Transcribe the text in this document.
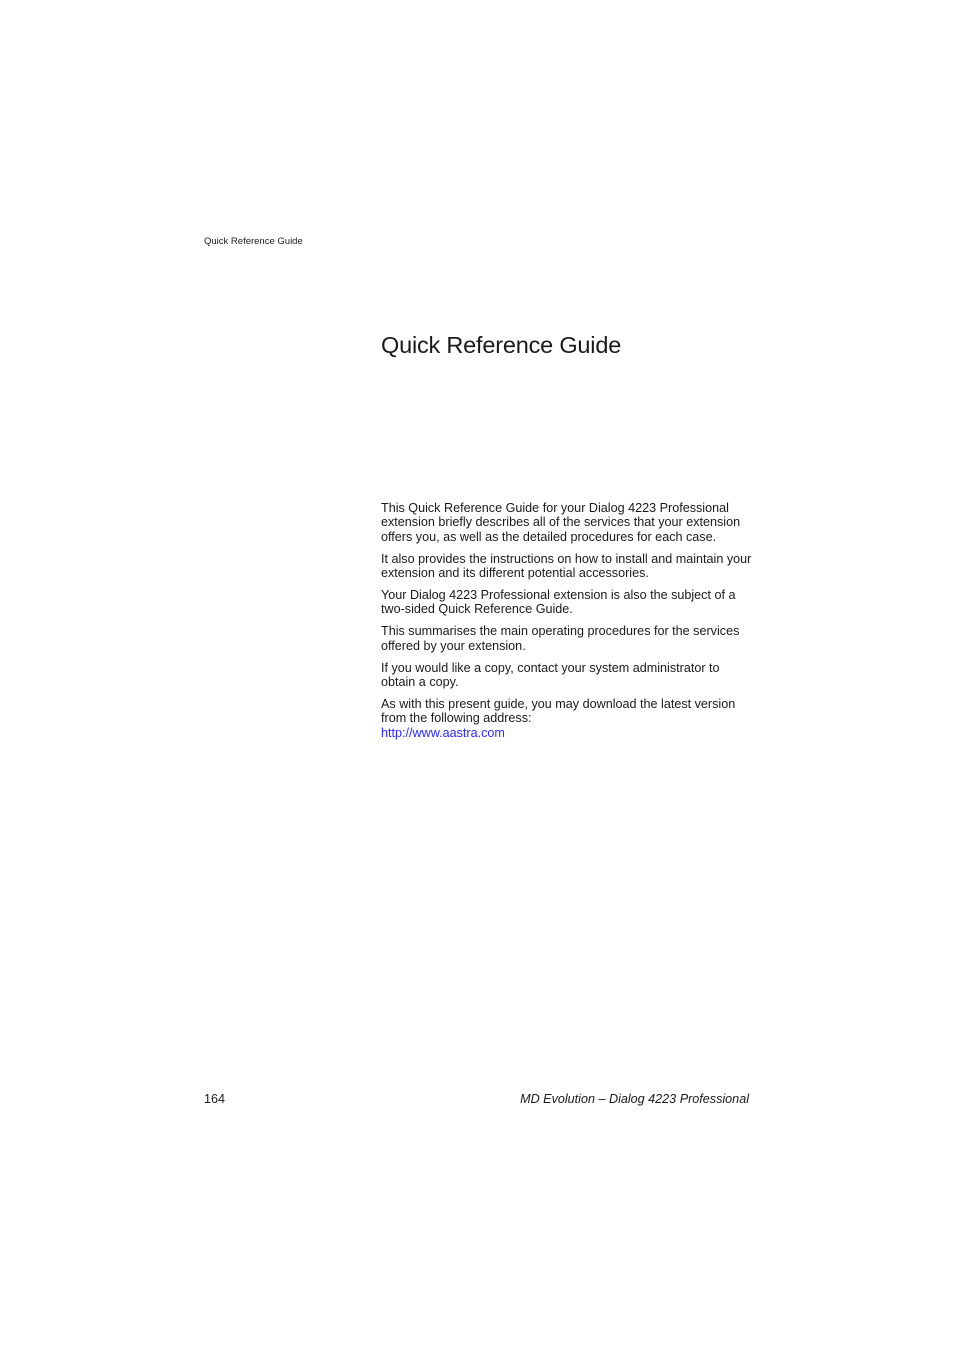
Quick Reference Guide
Quick Reference Guide

This Quick Reference Guide for your Dialog 4223 Professional extension briefly describes all of the services that your extension offers you, as well as the detailed procedures for each case.

It also provides the instructions on how to install and maintain your extension and its different potential accessories.

Your Dialog 4223 Professional extension is also the subject of a two-sided Quick Reference Guide.

This summarises the main operating procedures for the services offered by your extension.

If you would like a copy, contact your system administrator to obtain a copy.

As with this present guide, you may download the latest version from the following address:
http://www.aastra.com

164	MD Evolution – Dialog 4223 Professional
